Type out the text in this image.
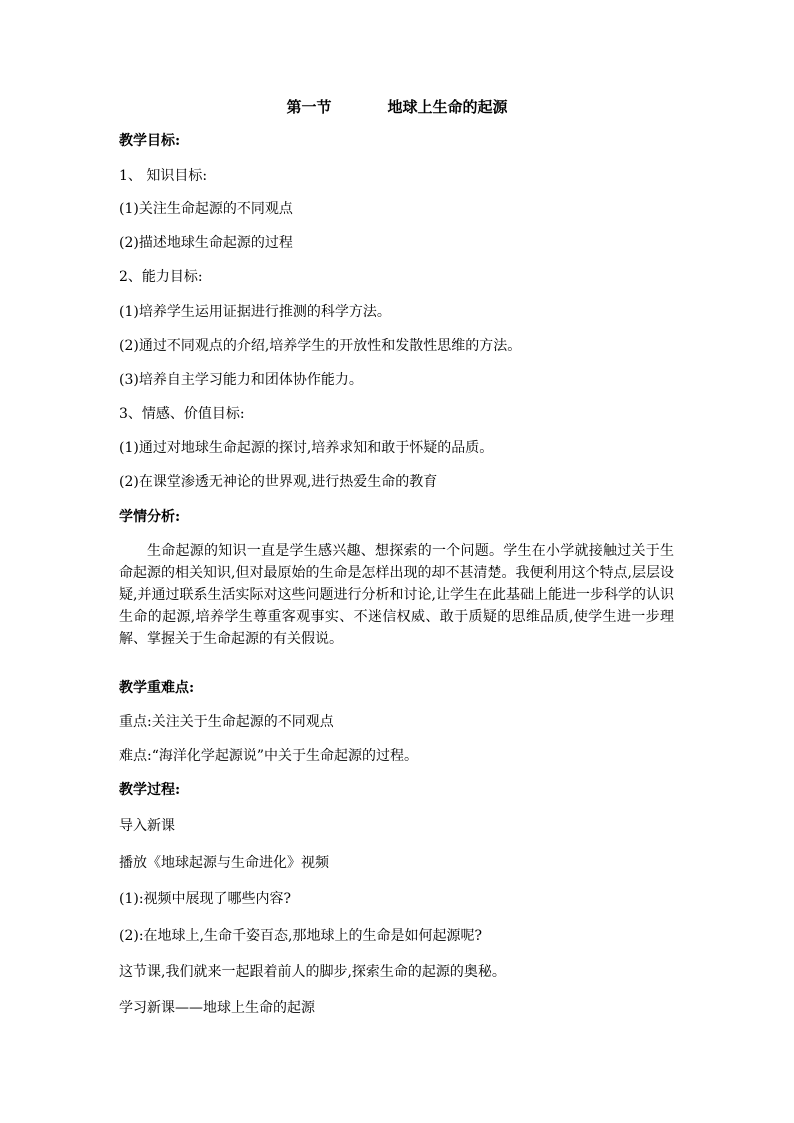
第一节	地球上生命的起源
教学目标:
1、 知识目标:
(1)关注生命起源的不同观点
(2)描述地球生命起源的过程
2、能力目标:
(1)培养学生运用证据进行推测的科学方法。
(2)通过不同观点的介绍,培养学生的开放性和发散性思维的方法。
(3)培养自主学习能力和团体协作能力。
3、情感、价值目标:
(1)通过对地球生命起源的探讨,培养求知和敢于怀疑的品质。
(2)在课堂渗透无神论的世界观,进行热爱生命的教育
学情分析:
生命起源的知识一直是学生感兴趣、想探索的一个问题。学生在小学就接触过关于生命起源的相关知识,但对最原始的生命是怎样出现的却不甚清楚。我便利用这个特点,层层设疑,并通过联系生活实际对这些问题进行分析和讨论,让学生在此基础上能进一步科学的认识生命的起源,培养学生尊重客观事实、不迷信权威、敢于质疑的思维品质,使学生进一步理解、掌握关于生命起源的有关假说。
教学重难点:
重点:关注关于生命起源的不同观点
难点:“海洋化学起源说”中关于生命起源的过程。
教学过程:
导入新课
播放《地球起源与生命进化》视频
(1):视频中展现了哪些内容?
(2):在地球上,生命千姿百态,那地球上的生命是如何起源呢?
这节课,我们就来一起跟着前人的脚步,探索生命的起源的奥秘。
学习新课——地球上生命的起源
